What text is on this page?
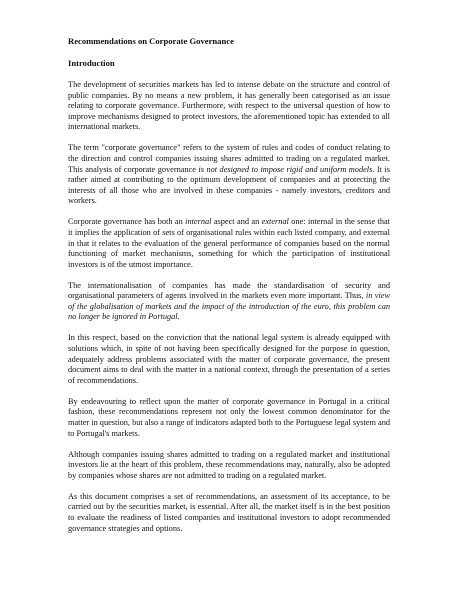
Recommendations on Corporate Governance
Introduction

The development of securities markets has led to intense debate on the structure and control of public companies. By no means a new problem, it has generally been categorised as an issue relating to corporate governance. Furthermore, with respect to the universal question of how to improve mechanisms designed to protect investors, the aforementioned topic has extended to all international markets.

The term "corporate governance" refers to the system of rules and codes of conduct relating to the direction and control companies issuing shares admitted to trading on a regulated market. This analysis of corporate governance is not designed to impose rigid and uniform models. It is rather aimed at contributing to the optimum development of companies and at protecting the interests of all those who are involved in these companies - namely investors, creditors and workers.

Corporate governance has both an internal aspect and an external one: internal in the sense that it implies the application of sets of organisational rules within each listed company, and external in that it relates to the evaluation of the general performance of companies based on the normal functioning of market mechanisms, something for which the participation of institutional investors is of the utmost importance.

The internationalisation of companies has made the standardisation of security and organisational parameters of agents involved in the markets even more important. Thus, in view of the globalisation of markets and the impact of the introduction of the euro, this problem can no longer be ignored in Portugal.

In this respect, based on the conviction that the national legal system is already equipped with solutions which, in spite of not having been specifically designed for the purpose in question, adequately address problems associated with the matter of corporate governance, the present document aims to deal with the matter in a national context, through the presentation of a series of recommendations.

By endeavouring to reflect upon the matter of corporate governance in Portugal in a critical fashion, these recommendations represent not only the lowest common denominator for the matter in question, but also a range of indicators adapted both to the Portuguese legal system and to Portugal's markets.

Although companies issuing shares admitted to trading on a regulated market and institutional investors lie at the heart of this problem, these recommendations may, naturally, also be adopted by companies whose shares are not admitted to trading on a regulated market.

As this document comprises a set of recommendations, an assessment of its acceptance, to be carried out by the securities market, is essential. After all, the market itself is in the best position to evaluate the readiness of listed companies and institutional investors to adopt recommended governance strategies and options.
